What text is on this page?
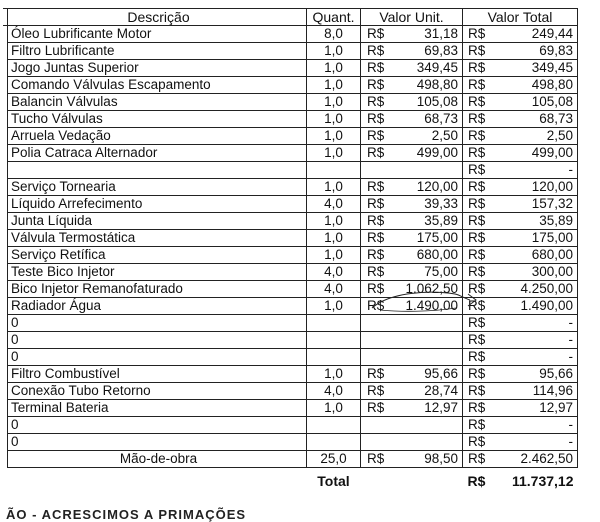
	Descrição	Quant.	Valor Unit.		Valor Total	
	Óleo Lubrificante Motor	8,0	R$	31,18	R$	249,44
	Filtro Lubrificante	1,0	R$	69,83	R$	69,83
	Jogo Juntas Superior	1,0	R$	349,45	R$	349,45
	Comando Válvulas Escapamento	1,0	R$	498,80	R$	498,80
	Balancin Válvulas	1,0	R$	105,08	R$	105,08
	Tucho Válvulas	1,0	R$	68,73	R$	68,73
	Arruela Vedação	1,0	R$	2,50	R$	2,50
	Polia Catraca Alternador	1,0	R$	499,00	R$	499,00
					R$	-
	Serviço Tornearia	1,0	R$	120,00	R$	120,00
	Líquido Arrefecimento	4,0	R$	39,33	R$	157,32
	Junta Líquida	1,0	R$	35,89	R$	35,89
	Válvula Termostática	1,0	R$	175,00	R$	175,00
	Serviço Retífica	1,0	R$	680,00	R$	680,00
	Teste Bico Injetor	4,0	R$	75,00	R$	300,00
	Bico Injetor Remanofaturado	4,0	R$	1.062,50	R$	4.250,00
	Radiador Água	1,0	R$	1.490,00	R$	1.490,00
	0				R$	-
	0				R$	-
	0				R$	-
	Filtro Combustível	1,0	R$	95,66	R$	95,66
	Conexão Tubo Retorno	4,0	R$	28,74	R$	114,96
	Terminal Bateria	1,0	R$	12,97	R$	12,97
	0				R$	-
	0				R$	-
	Mão-de-obra	25,0	R$	98,50	R$	2.462,50
		Total			R$	11.737,12
ÃO - ACRESCIMOS A PRIMAÇÕES
